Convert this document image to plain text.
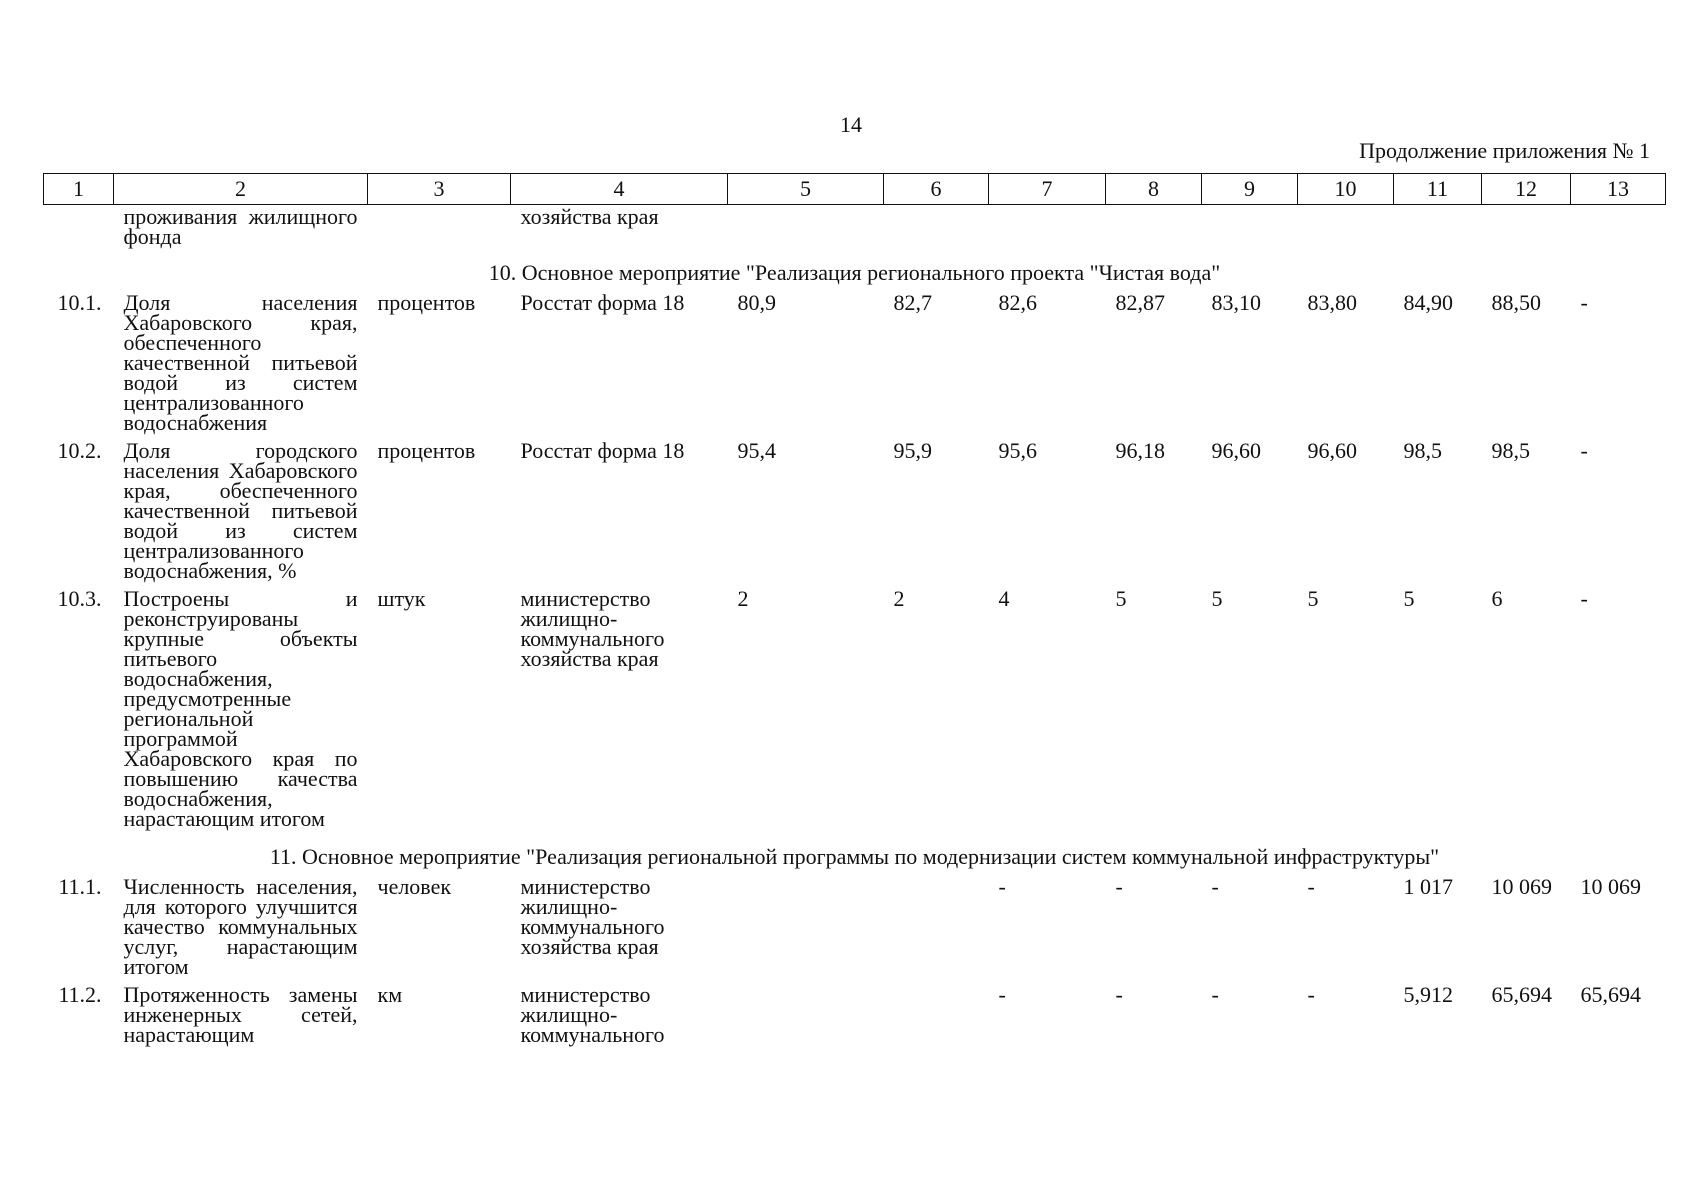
14
Продолжение приложения № 1
1	2	3	4	5	6	7	8	9	10	11	12	13
	проживания жилищного фонда		хозяйства края									
10. Основное мероприятие "Реализация регионального проекта "Чистая вода"												
10.1.	Доля населения Хабаровского края, обеспеченного качественной питьевой водой из систем централизованного водоснабжения	процентов	Росстат форма 18	80,9	82,7	82,6	82,87	83,10	83,80	84,90	88,50	-
10.2.	Доля городского населения Хабаровского края, обеспеченного качественной питьевой водой из систем централизованного водоснабжения, %	процентов	Росстат форма 18	95,4	95,9	95,6	96,18	96,60	96,60	98,5	98,5	-
10.3.	Построены и реконструированы крупные объекты питьевого водоснабжения, предусмотренные региональной программой Хабаровского края по повышению качества водоснабжения, нарастающим итогом	штук	министерство жилищно-коммунального хозяйства края	2	2	4	5	5	5	5	6	-
11. Основное мероприятие "Реализация региональной программы по модернизации систем коммунальной инфраструктуры"												
11.1.	Численность населения, для которого улучшится качество коммунальных услуг, нарастающим итогом	человек	министерство жилищно-коммунального хозяйства края			-	-	-	-	1 017	10 069	10 069
11.2.	Протяженность замены инженерных сетей, нарастающим	км	министерство жилищно-коммунального			-	-	-	-	5,912	65,694	65,694
